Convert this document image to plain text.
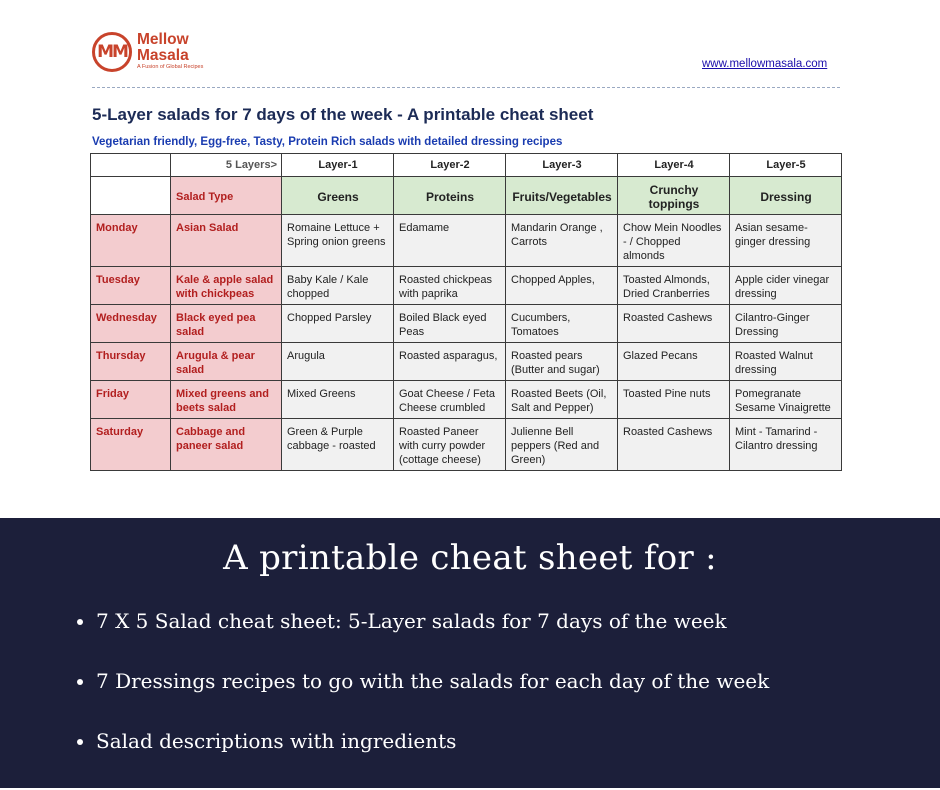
MM
Mellow
Masala
A Fusion of Global Recipes	www.mellowmasala.com
5-Layer salads for 7 days of the week - A printable cheat sheet
Vegetarian friendly, Egg-free, Tasty, Protein Rich salads with detailed dressing recipes
	5 Layers>	Layer-1	Layer-2	Layer-3	Layer-4	Layer-5
	Salad Type	Greens	Proteins	Fruits/Vegetables	Crunchy toppings	Dressing
Monday	Asian Salad	Romaine Lettuce + Spring onion greens	Edamame	Mandarin Orange , Carrots	Chow Mein Noodles - / Chopped almonds	Asian sesame-ginger dressing
Tuesday	Kale & apple salad with chickpeas	Baby Kale / Kale chopped	Roasted chickpeas with paprika	Chopped Apples,	Toasted Almonds, Dried Cranberries	Apple cider vinegar dressing
Wednesday	Black eyed pea salad	Chopped Parsley	Boiled Black eyed Peas	Cucumbers, Tomatoes	Roasted Cashews	Cilantro-Ginger Dressing
Thursday	Arugula & pear salad	Arugula	Roasted asparagus,	Roasted pears (Butter and sugar)	Glazed Pecans	Roasted Walnut dressing
Friday	Mixed greens and beets salad	Mixed Greens	Goat Cheese / Feta Cheese crumbled	Roasted Beets (Oil, Salt and Pepper)	Toasted Pine nuts	Pomegranate Sesame Vinaigrette
Saturday	Cabbage and paneer salad	Green & Purple cabbage - roasted	Roasted Paneer with curry powder (cottage cheese)	Julienne Bell peppers (Red and Green)	Roasted Cashews	Mint - Tamarind - Cilantro dressing
A printable cheat sheet for :
• 7 X 5 Salad cheat sheet: 5-Layer salads for 7 days of the week
• 7 Dressings recipes to go with the salads for each day of the week
• Salad descriptions with ingredients
